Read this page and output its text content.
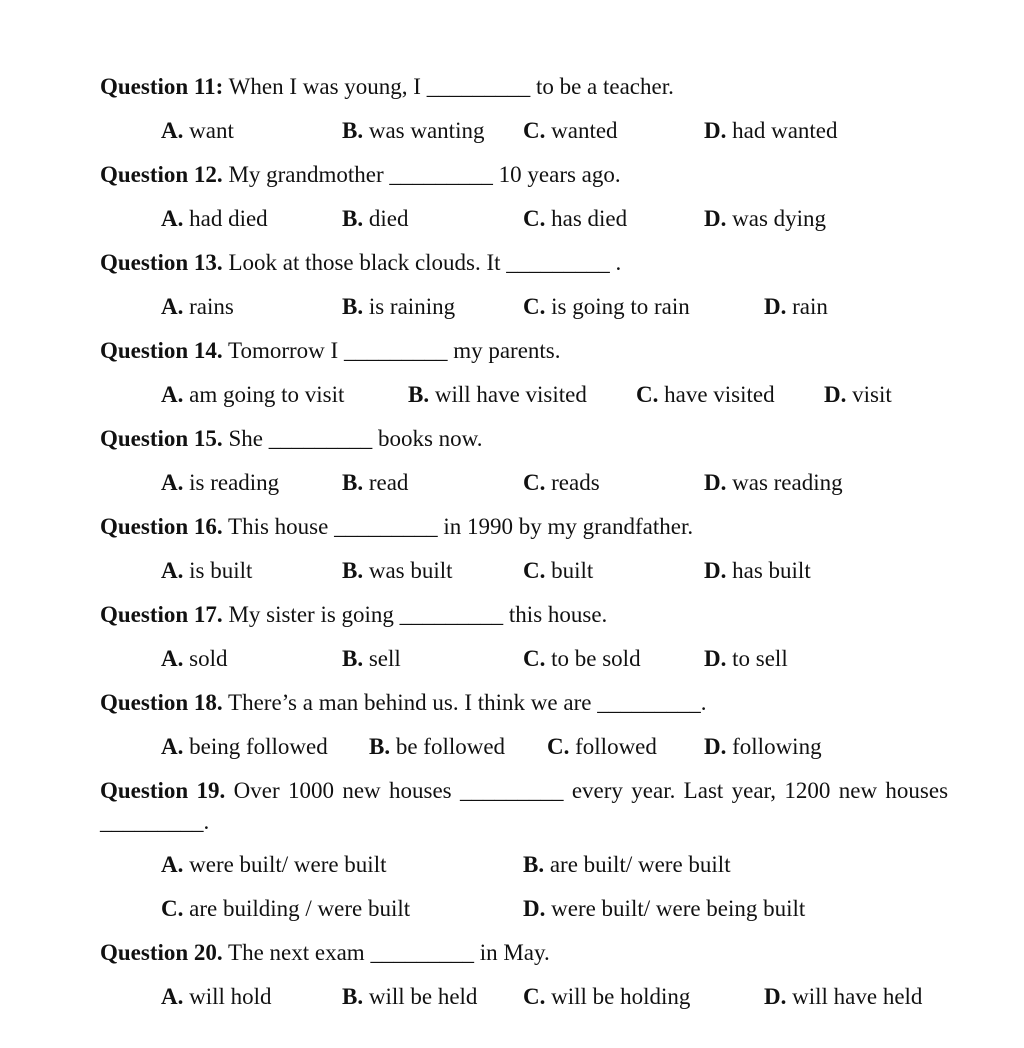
Question 11: When I was young, I _________ to be a teacher.
A. want	B. was wanting C. wanted	D. had wanted
Question 12. My grandmother _________ 10 years ago.
A. had died	B. died	C. has died	D. was dying
Question 13. Look at those black clouds. It _________ .
A. rains	B. is raining	C. is going to rain	D. rain
Question 14. Tomorrow I _________ my parents.
A. am going to visit	B. will have visited C. have visited D. visit
Question 15. She _________ books now.
A. is reading	B. read	C. reads	D. was reading
Question 16. This house _________ in 1990 by my grandfather.
A. is built	B. was built	C. built	D. has built
Question 17. My sister is going _________ this house.
A. sold	B. sell	C. to be sold	D. to sell
Question 18. There’s a man behind us. I think we are _________.
A. being followed B. be followed C. followed D. following
Question 19. Over 1000 new houses _________ every year. Last year, 1200 new houses _________.
A. were built/ were built	B. are built/ were built
C. are building / were built	D. were built/ were being built
Question 20. The next exam _________ in May.
A. will hold	B. will be held C. will be holding	D. will have held
